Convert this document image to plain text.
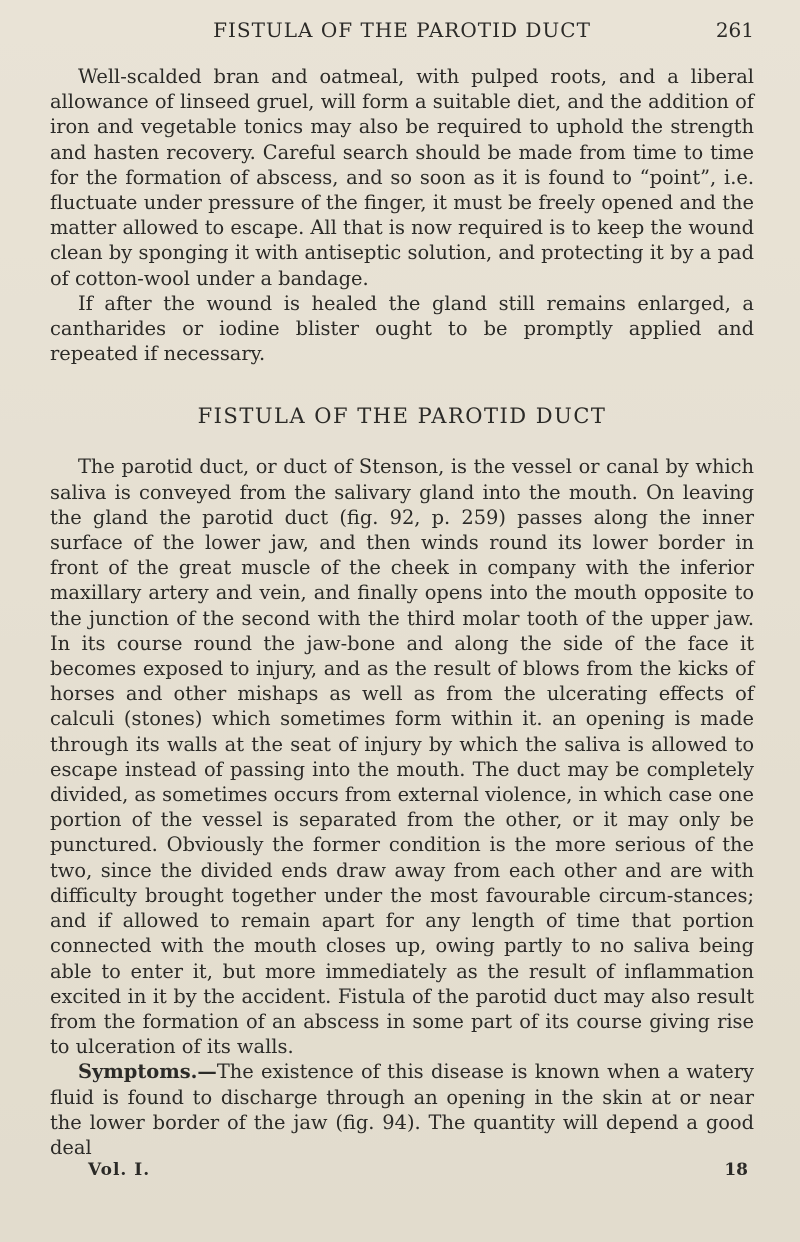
FISTULA OF THE PAROTID DUCT	261

Well-scalded bran and oatmeal, with pulped roots, and a liberal allowance of linseed gruel, will form a suitable diet, and the addition of iron and vegetable tonics may also be required to uphold the strength and hasten recovery. Careful search should be made from time to time for the formation of abscess, and so soon as it is found to “point”, i.e. fluctuate under pressure of the finger, it must be freely opened and the matter allowed to escape. All that is now required is to keep the wound clean by sponging it with antiseptic solution, and protecting it by a pad of cotton-wool under a bandage.

If after the wound is healed the gland still remains enlarged, a cantharides or iodine blister ought to be promptly applied and repeated if necessary.

FISTULA OF THE PAROTID DUCT

The parotid duct, or duct of Stenson, is the vessel or canal by which saliva is conveyed from the salivary gland into the mouth. On leaving the gland the parotid duct (fig. 92, p. 259) passes along the inner surface of the lower jaw, and then winds round its lower border in front of the great muscle of the cheek in company with the inferior maxillary artery and vein, and finally opens into the mouth opposite to the junction of the second with the third molar tooth of the upper jaw. In its course round the jaw-bone and along the side of the face it becomes exposed to injury, and as the result of blows from the kicks of horses and other mishaps as well as from the ulcerating effects of calculi (stones) which sometimes form within it. an opening is made through its walls at the seat of injury by which the saliva is allowed to escape instead of passing into the mouth. The duct may be completely divided, as sometimes occurs from external violence, in which case one portion of the vessel is separated from the other, or it may only be punctured. Obviously the former condition is the more serious of the two, since the divided ends draw away from each other and are with difficulty brought together under the most favourable circum-stances; and if allowed to remain apart for any length of time that portion connected with the mouth closes up, owing partly to no saliva being able to enter it, but more immediately as the result of inflammation excited in it by the accident. Fistula of the parotid duct may also result from the formation of an abscess in some part of its course giving rise to ulceration of its walls.

Symptoms.—The existence of this disease is known when a watery fluid is found to discharge through an opening in the skin at or near the lower border of the jaw (fig. 94). The quantity will depend a good deal

Vol. I.	18
